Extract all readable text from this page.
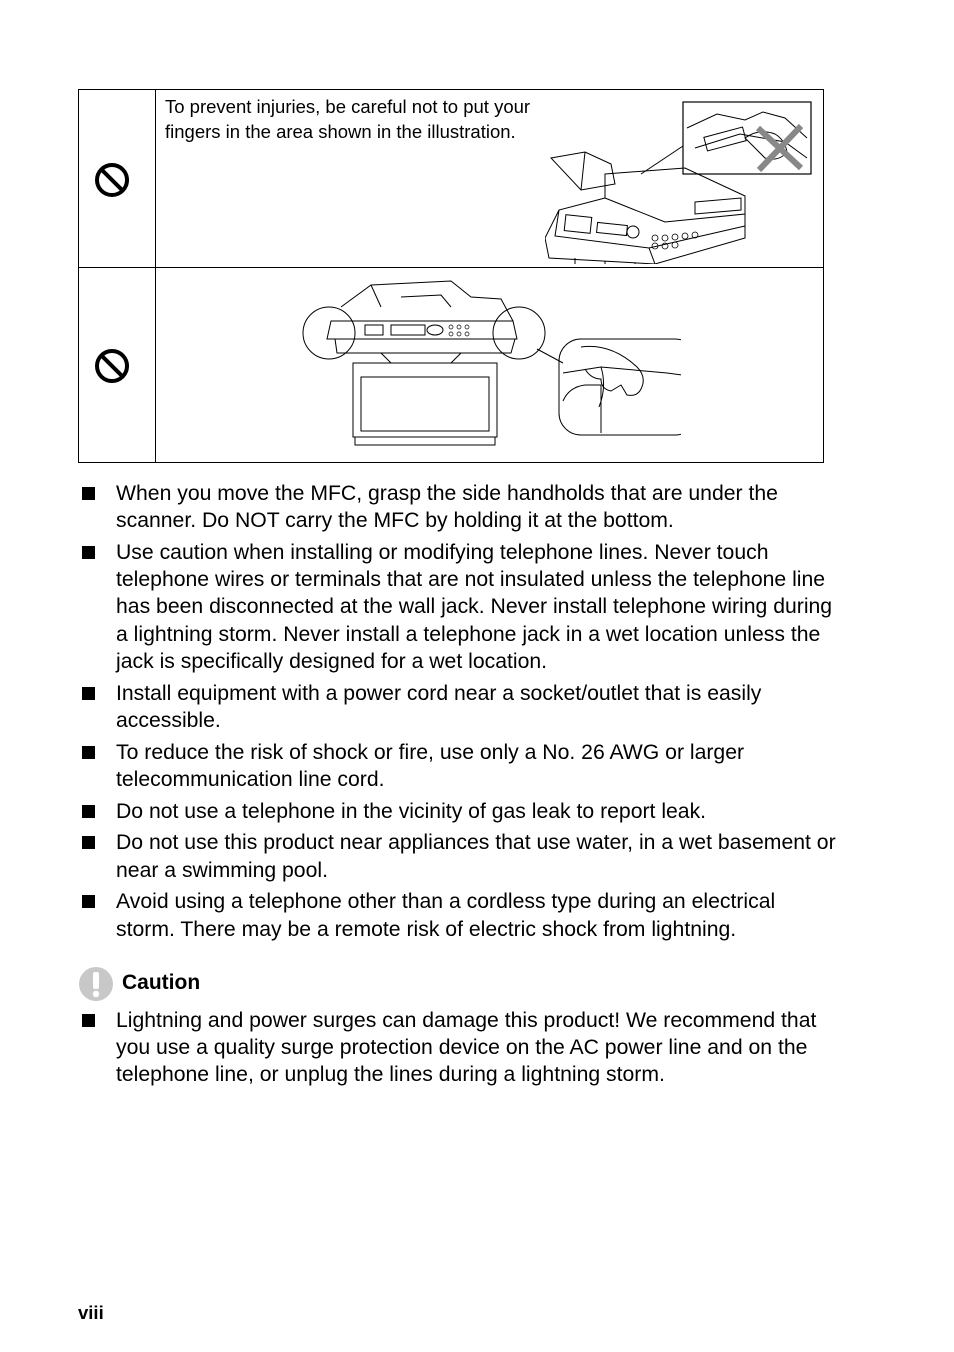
To prevent injuries, be careful not to put your fingers in the area shown in the illustration.
When you move the MFC, grasp the side handholds that are under the scanner. Do NOT carry the MFC by holding it at the bottom.
Use caution when installing or modifying telephone lines. Never touch telephone wires or terminals that are not insulated unless the telephone line has been disconnected at the wall jack. Never install telephone wiring during a lightning storm. Never install a telephone jack in a wet location unless the jack is specifically designed for a wet location.
Install equipment with a power cord near a socket/outlet that is easily accessible.
To reduce the risk of shock or fire, use only a No. 26 AWG or larger telecommunication line cord.
Do not use a telephone in the vicinity of gas leak to report leak.
Do not use this product near appliances that use water, in a wet basement or near a swimming pool.
Avoid using a telephone other than a cordless type during an electrical storm. There may be a remote risk of electric shock from lightning.
Caution
Lightning and power surges can damage this product! We recommend that you use a quality surge protection device on the AC power line and on the telephone line, or unplug the lines during a lightning storm.
viii
